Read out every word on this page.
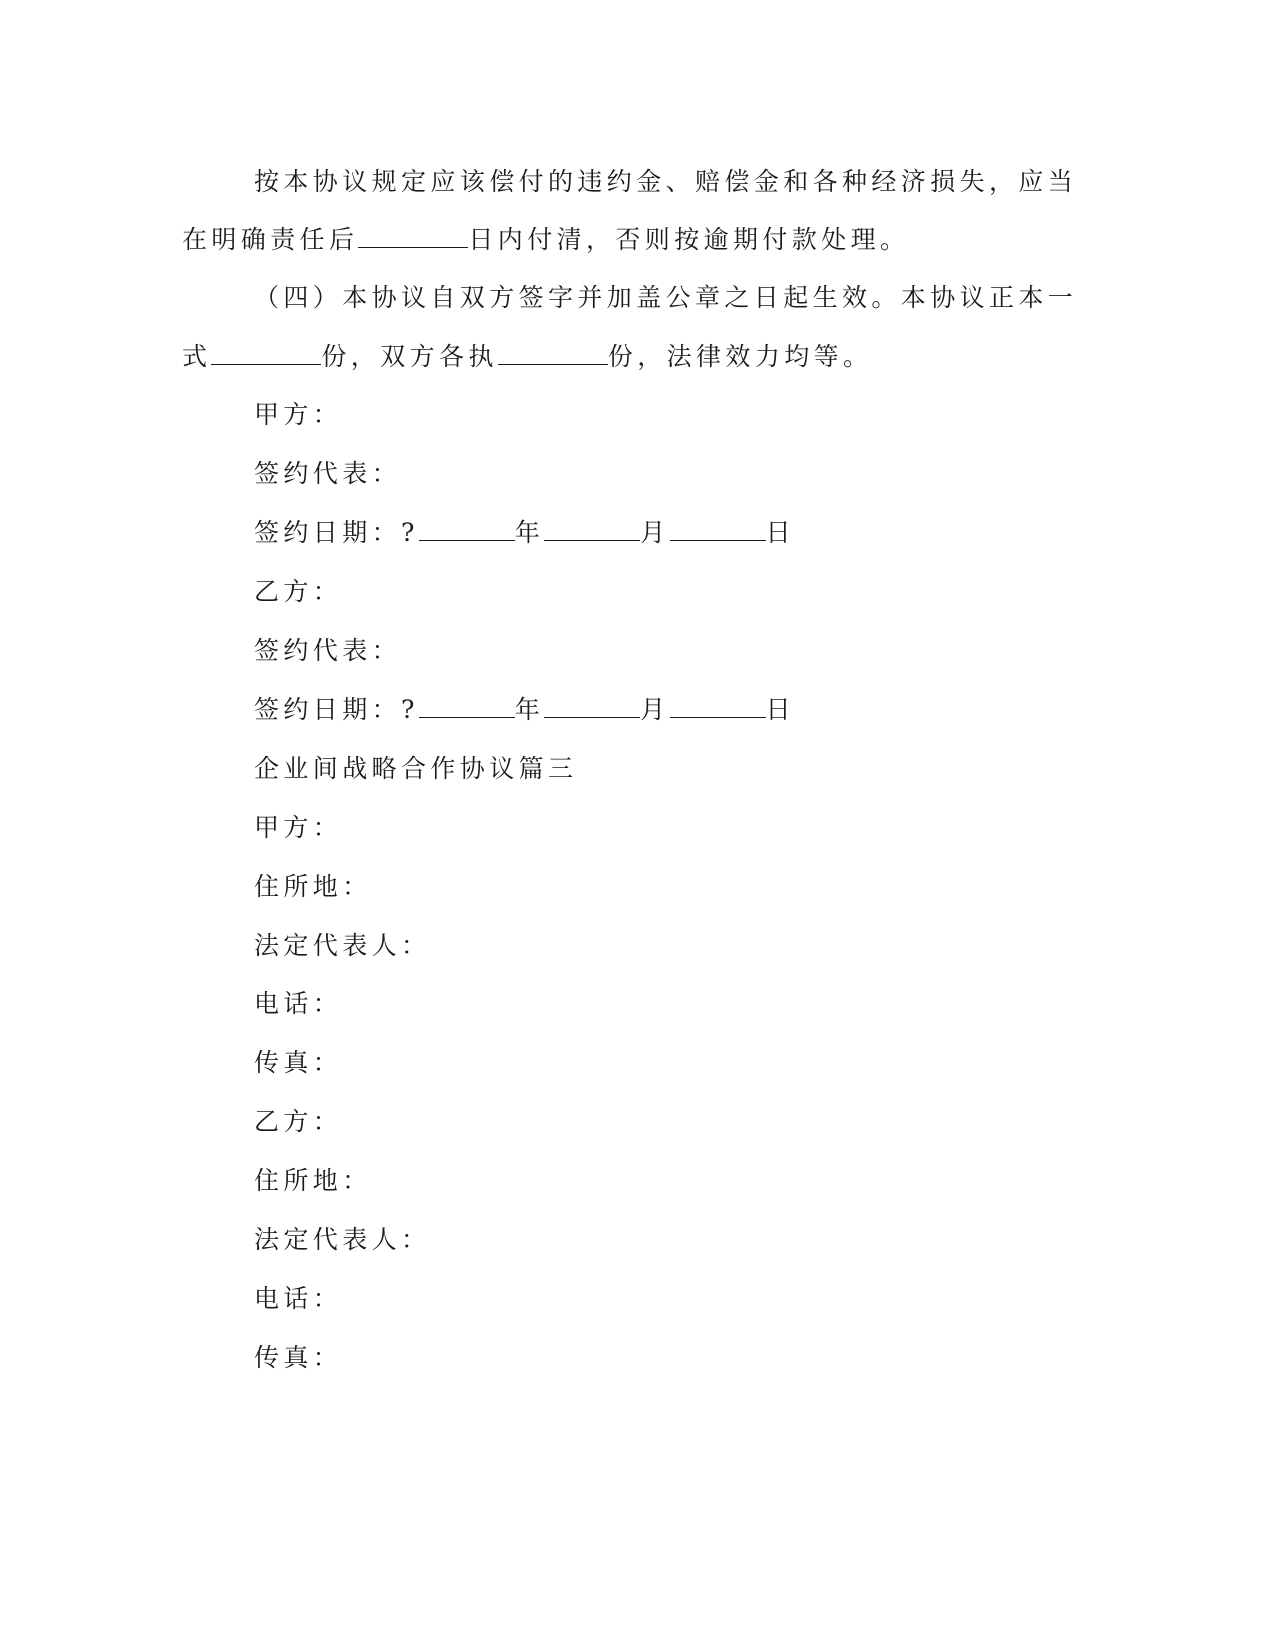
按本协议规定应该偿付的违约金、赔偿金和各种经济损失，应当
在明确责任后	日内付清，否则按逾期付款处理。
（四）本协议自双方签字并加盖公章之日起生效。本协议正本一
式	份，双方各执	份，法律效力均等。
甲方：
签约代表：
签约日期：?	年	月	日
乙方：
签约代表：
签约日期：?	年	月	日
企业间战略合作协议篇三
甲方：
住所地：
法定代表人：
电话：
传真：
乙方：
住所地：
法定代表人：
电话：
传真：
